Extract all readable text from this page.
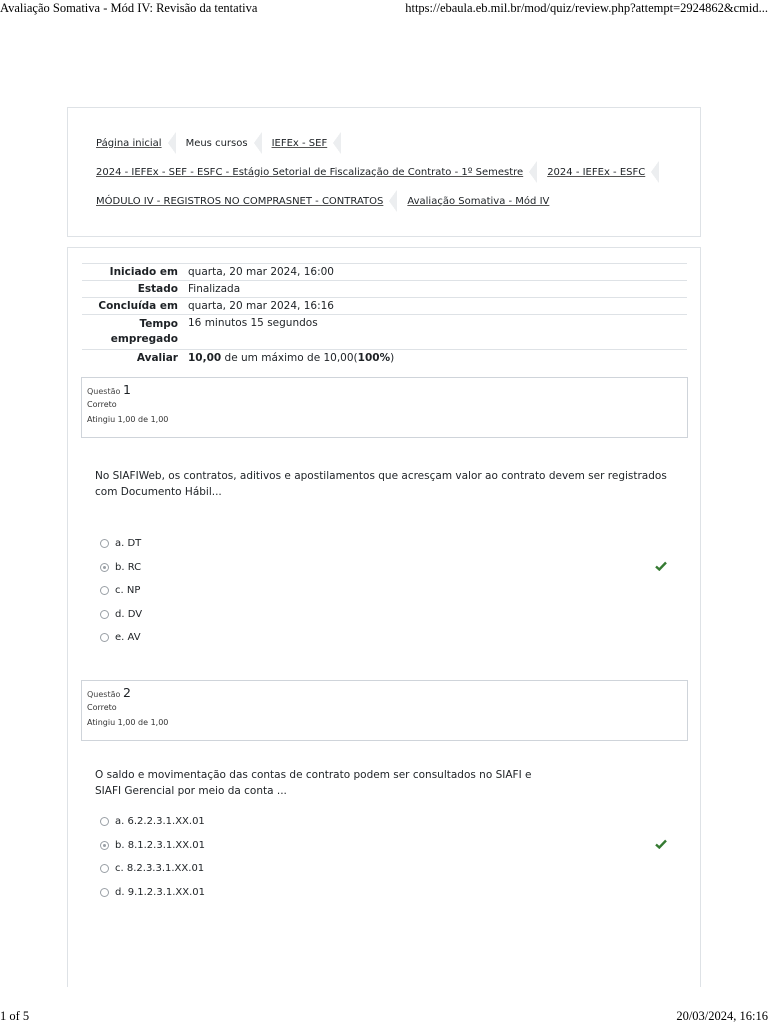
Avaliação Somativa - Mód IV: Revisão da tentativa	https://ebaula.eb.mil.br/mod/quiz/review.php?attempt=2924862&cmid...
Página inicial Meus cursos IEFEx - SEF
2024 - IEFEx - SEF - ESFC - Estágio Setorial de Fiscalização de Contrato - 1º Semestre 2024 - IEFEx - ESFC
MÓDULO IV - REGISTROS NO COMPRASNET - CONTRATOS Avaliação Somativa - Mód IV
Iniciado em quarta, 20 mar 2024, 16:00
Estado Finalizada
Concluída em quarta, 20 mar 2024, 16:16
Tempo empregado
16 minutos 15 segundos
Avaliar 10,00 de um máximo de 10,00(100%)
Questão 1
Correto
Atingiu 1,00 de 1,00
No SIAFIWeb, os contratos, aditivos e apostilamentos que acresçam valor ao contrato devem ser registrados com Documento Hábil...
a. DT
b. RC
c. NP
d. DV
e. AV
Questão 2
Correto
Atingiu 1,00 de 1,00
O saldo e movimentação das contas de contrato podem ser consultados no SIAFI e
SIAFI Gerencial por meio da conta ...
a. 6.2.2.3.1.XX.01
b. 8.1.2.3.1.XX.01
c. 8.2.3.3.1.XX.01
d. 9.1.2.3.1.XX.01
1 of 5	20/03/2024, 16:16
